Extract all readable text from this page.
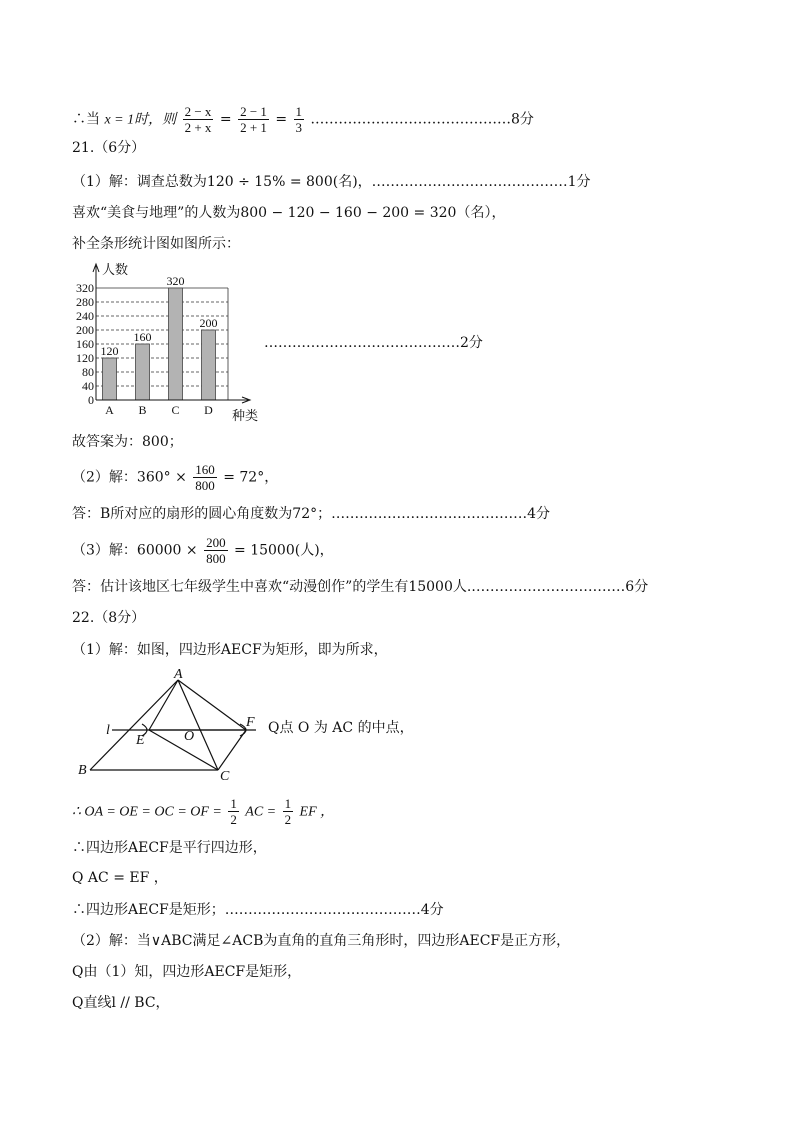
∴当 x = 1时，则 $\frac{2 - x}{2 + x} = \frac{2 - 1}{2 + 1} = \frac{1}{3}$ .……………………………………8分
21.（6分）
（1）解：调查总数为120 ÷ 15% = 800(名)，……………………………………1分
喜欢“美食与地理”的人数为800 − 120 − 160 − 200 = 320（名），
补全条形统计图如图所示：
0
40
80
120
160
200
240
280
320
120
A
160
B
320
C
200
D
人数
种类
……………………………………2分
故答案为：800；
（2）解：$360^\circ \times \frac{160}{800} = 72^\circ$，
答：B所对应的扇形的圆心角度数为72°；……………………………………4分
（3）解：$60000 \times \frac{200}{800} = 15000$(人)，
答：估计该地区七年级学生中喜欢“动漫创作”的学生有15000人.……………………………6分
22.（8分）
（1）解：如图，四边形AECF为矩形，即为所求，
A
l
E	O
F
B	C
Q点 O 为 AC 的中点，
∴ OA = OE = OC = OF = $\frac{1}{2}$ AC = $\frac{1}{2}$ EF ，
∴四边形AECF是平行四边形，
Q AC = EF ，
∴四边形AECF是矩形；……………………………………4分
（2）解：当∨ABC满足∠ACB为直角的直角三角形时，四边形AECF是正方形，
Q由（1）知，四边形AECF是矩形，
Q直线l // BC，
